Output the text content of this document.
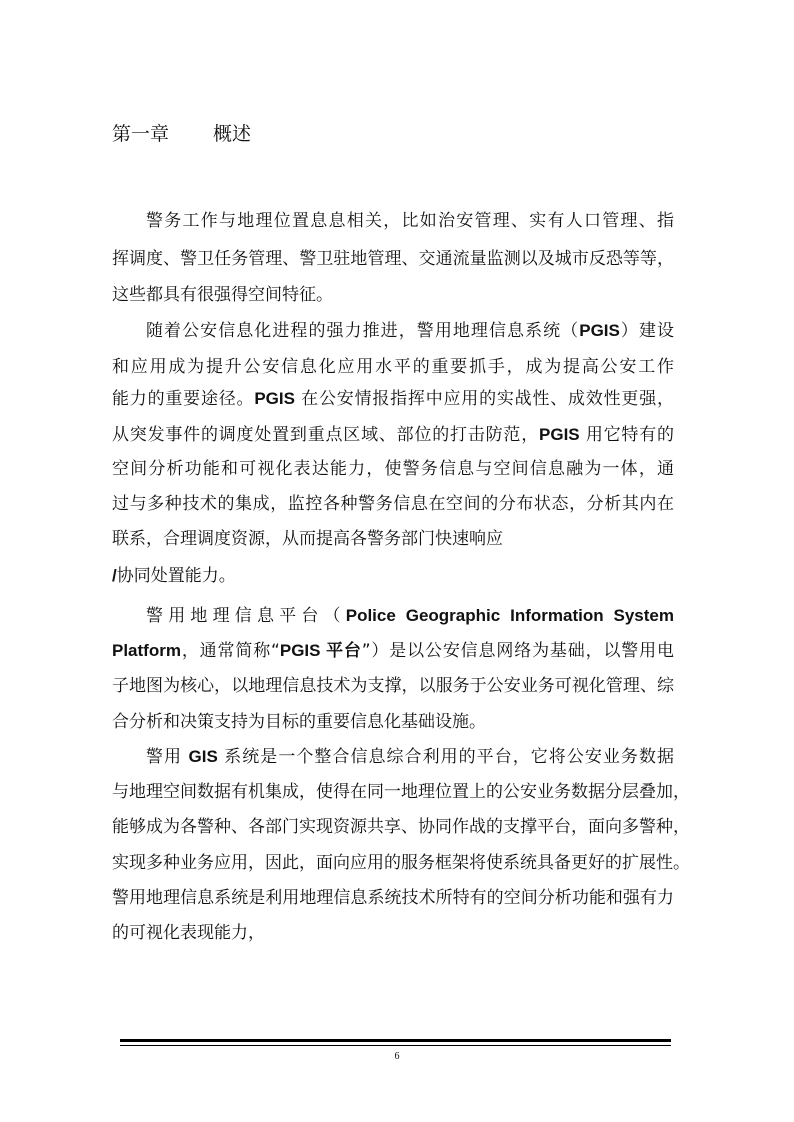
第一章 概述
警务工作与地理位置息息相关，比如治安管理、实有人口管理、指
挥调度、警卫任务管理、警卫驻地管理、交通流量监测以及城市反恐等等，
这些都具有很强得空间特征。
随着公安信息化进程的强力推进，警用地理信息系统（PGIS）建设
和应用成为提升公安信息化应用水平的重要抓手，成为提高公安工作
能力的重要途径。PGIS 在公安情报指挥中应用的实战性、成效性更强，
从突发事件的调度处置到重点区域、部位的打击防范，PGIS 用它特有的
空间分析功能和可视化表达能力，使警务信息与空间信息融为一体，通
过与多种技术的集成，监控各种警务信息在空间的分布状态，分析其内在
联系，合理调度资源，从而提高各警务部门快速响应
/协同处置能力。
警用地理信息平台（Police Geographic Information System
Platform，通常简称“PGIS 平台”）是以公安信息网络为基础，以警用电
子地图为核心，以地理信息技术为支撑，以服务于公安业务可视化管理、综
合分析和决策支持为目标的重要信息化基础设施。
警用 GIS 系统是一个整合信息综合利用的平台，它将公安业务数据
与地理空间数据有机集成，使得在同一地理位置上的公安业务数据分层叠加，
能够成为各警种、各部门实现资源共享、协同作战的支撑平台，面向多警种，
实现多种业务应用，因此，面向应用的服务框架将使系统具备更好的扩展性。
警用地理信息系统是利用地理信息系统技术所特有的空间分析功能和强有力
的可视化表现能力，
6
